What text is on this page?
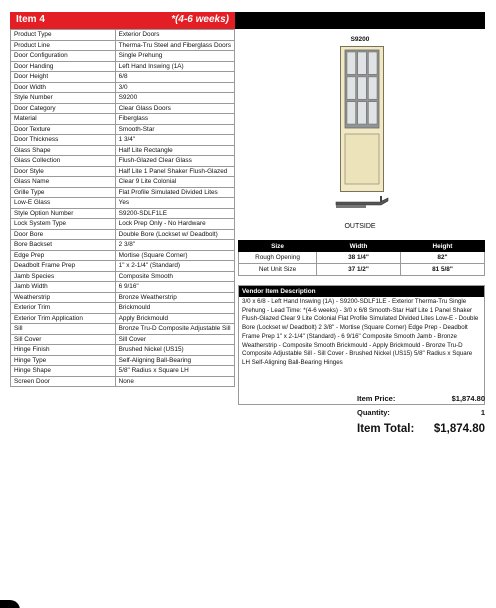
Item 4	*(4-6 weeks)
Product Type	Exterior Doors
Product Line	Therma-Tru Steel and Fiberglass Doors
Door Configuration	Single Prehung
Door Handing	Left Hand Inswing (1A)
Door Height	6/8
Door Width	3/0
Style Number	S9200
Door Category	Clear Glass Doors
Material	Fiberglass
Door Texture	Smooth-Star
Door Thickness	1 3/4"
Glass Shape	Half Lite Rectangle
Glass Collection	Flush-Glazed Clear Glass
Door Style	Half Lite 1 Panel Shaker Flush-Glazed
Glass Name	Clear 9 Lite Colonial
Grille Type	Flat Profile Simulated Divided Lites
Low-E Glass	Yes
Style Option Number	S9200-SDLF1LE
Lock System Type	Lock Prep Only - No Hardware
Door Bore	Double Bore (Lockset w/ Deadbolt)
Bore Backset	2 3/8"
Edge Prep	Mortise (Square Corner)
Deadbolt Frame Prep	1" x 2-1/4" (Standard)
Jamb Species	Composite Smooth
Jamb Width	6 9/16"
Weatherstrip	Bronze Weatherstrip
Exterior Trim	Brickmould
Exterior Trim Application	Apply Brickmould
Sill	Bronze Tru-D Composite Adjustable Sill
Sill Cover	Sill Cover
Hinge Finish	Brushed Nickel (US15)
Hinge Type	Self-Aligning Ball-Bearing
Hinge Shape	5/8" Radius x Square LH
Screen Door	None
S9200
OUTSIDE
Size	Width	Height
Rough Opening	38 1/4"	82"
Net Unit Size	37 1/2"	81 5/8"
Vendor Item Description
3/0 x 6/8 - Left Hand Inswing (1A) - S9200-SDLF1LE - Exterior Therma-Tru Single Prehung - Lead Time: *(4-6 weeks) - 3/0 x 6/8 Smooth-Star Half Lite 1 Panel Shaker Flush-Glazed Clear 9 Lite Colonial Flat Profile Simulated Divided Lites Low-E - Double Bore (Lockset w/ Deadbolt) 2 3/8" - Mortise (Square Corner) Edge Prep - Deadbolt Frame Prep 1" x 2-1/4" (Standard) - 6 9/16" Composite Smooth Jamb - Bronze Weatherstrip - Composite Smooth Brickmould - Apply Brickmould - Bronze Tru-D Composite Adjustable Sill - Sill Cover - Brushed Nickel (US15) 5/8" Radius x Square LH Self-Aligning Ball-Bearing Hinges
Item Price:	$1,874.80
Quantity:	1
Item Total: $1,874.80
